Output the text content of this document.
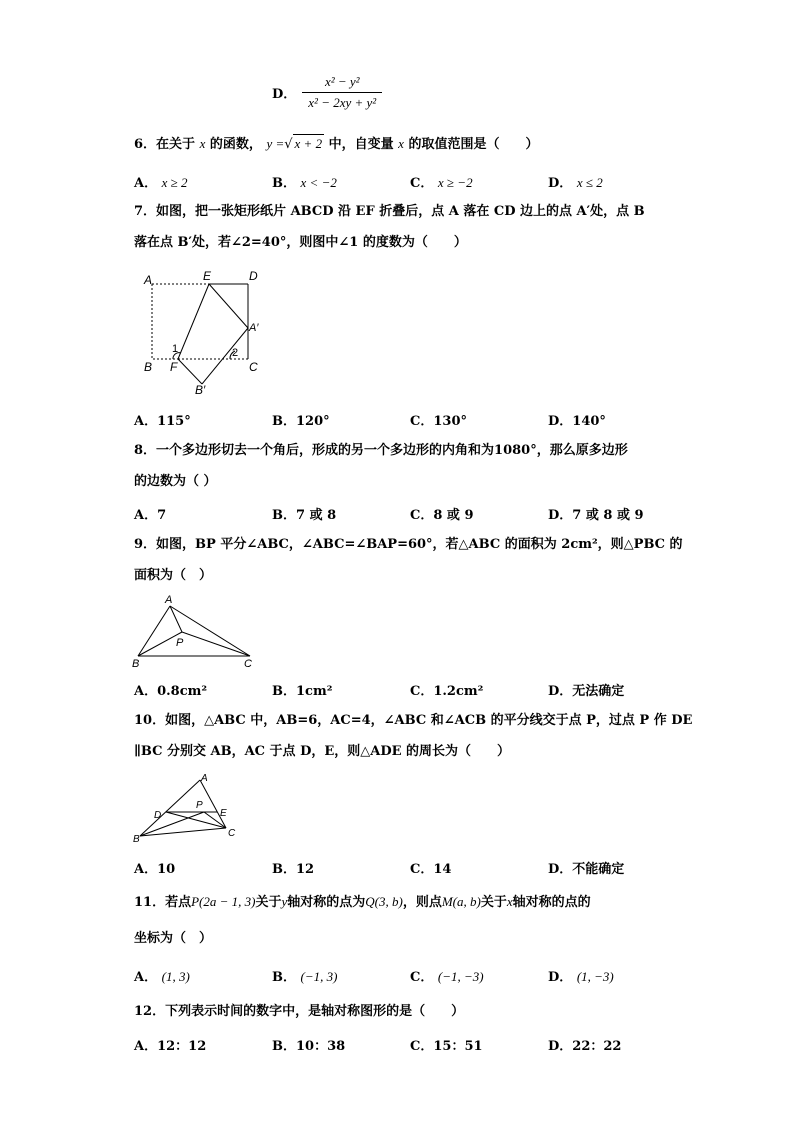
D． $\frac{\text{x² − y²}}{\text{x² − 2xy + y²}}$
6．在关于 x 的函数， y =√ x + 2 中，自变量 x 的取值范围是（　　）
A． x ≥ 2	B． x < −2	C． x ≥ −2	D． x ≤ 2
7．如图，把一张矩形纸片 ABCD 沿 EF 折叠后，点 A 落在 CD 边上的点 A′处，点 B
落在点 B′处，若∠2=40°，则图中∠1 的度数为（　　）
A	E	D
A′
B F	C
B′
1	2
A．115°	B．120°	C．130°	D．140°
8．一个多边形切去一个角后，形成的另一个多边形的内角和为1080°，那么原多边形
的边数为（ ）
A．7	B．7 或 8	C．8 或 9	D．7 或 8 或 9
9．如图，BP 平分∠ABC，∠ABC=∠BAP=60°，若△ABC 的面积为 2cm²，则△PBC 的
面积为（　）
A
P
B	C
A．0.8cm²	B．1cm²	C．1.2cm²	D．无法确定
10．如图，△ABC 中，AB=6，AC=4，∠ABC 和∠ACB 的平分线交于点 P，过点 P 作 DE
∥BC 分别交 AB，AC 于点 D，E，则△ADE 的周长为（　　）
A
D
P
E
B
C
A．10	B．12	C．14	D．不能确定
11．若点P(2a − 1, 3)关于y轴对称的点为Q(3, b)，则点M(a, b)关于x轴对称的点的
坐标为（　）
A． (1, 3)	B． (−1, 3)	C． (−1, −3)	D． (1, −3)
12．下列表示时间的数字中，是轴对称图形的是（　　）
A．12：12	B．10：38	C．15：51	D．22：22
